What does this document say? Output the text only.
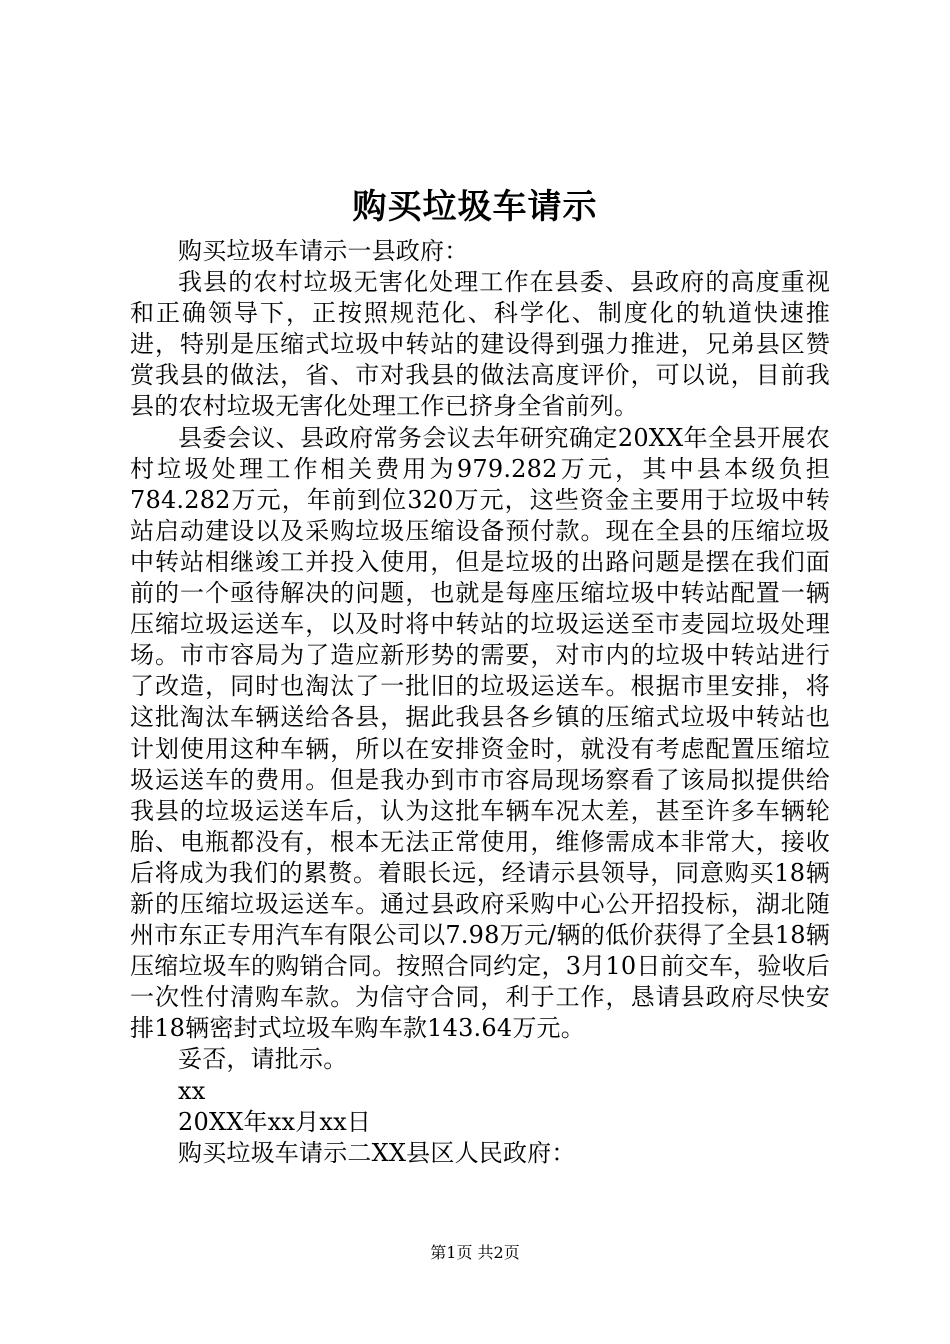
购买垃圾车请示

购买垃圾车请示一县政府：

我县的农村垃圾无害化处理工作在县委、县政府的高度重视和正确领导下，正按照规范化、科学化、制度化的轨道快速推进，特别是压缩式垃圾中转站的建设得到强力推进，兄弟县区赞赏我县的做法，省、市对我县的做法高度评价，可以说，目前我县的农村垃圾无害化处理工作已挤身全省前列。

县委会议、县政府常务会议去年研究确定20XX年全县开展农村垃圾处理工作相关费用为979.282万元，其中县本级负担784.282万元，年前到位320万元，这些资金主要用于垃圾中转站启动建设以及采购垃圾压缩设备预付款。现在全县的压缩垃圾中转站相继竣工并投入使用，但是垃圾的出路问题是摆在我们面前的一个亟待解决的问题，也就是每座压缩垃圾中转站配置一辆压缩垃圾运送车，以及时将中转站的垃圾运送至市麦园垃圾处理场。市市容局为了造应新形势的需要，对市内的垃圾中转站进行了改造，同时也淘汰了一批旧的垃圾运送车。根据市里安排，将这批淘汰车辆送给各县，据此我县各乡镇的压缩式垃圾中转站也计划使用这种车辆，所以在安排资金时，就没有考虑配置压缩垃圾运送车的费用。但是我办到市市容局现场察看了该局拟提供给我县的垃圾运送车后，认为这批车辆车况太差，甚至许多车辆轮胎、电瓶都没有，根本无法正常使用，维修需成本非常大，接收后将成为我们的累赘。着眼长远，经请示县领导，同意购买18辆新的压缩垃圾运送车。通过县政府采购中心公开招投标，湖北随州市东正专用汽车有限公司以7.98万元/辆的低价获得了全县18辆压缩垃圾车的购销合同。按照合同约定，3月10日前交车，验收后一次性付清购车款。为信守合同，利于工作，恳请县政府尽快安排18辆密封式垃圾车购车款143.64万元。

妥否，请批示。

xx

20XX年xx月xx日

购买垃圾车请示二XX县区人民政府：

第1页 共2页
